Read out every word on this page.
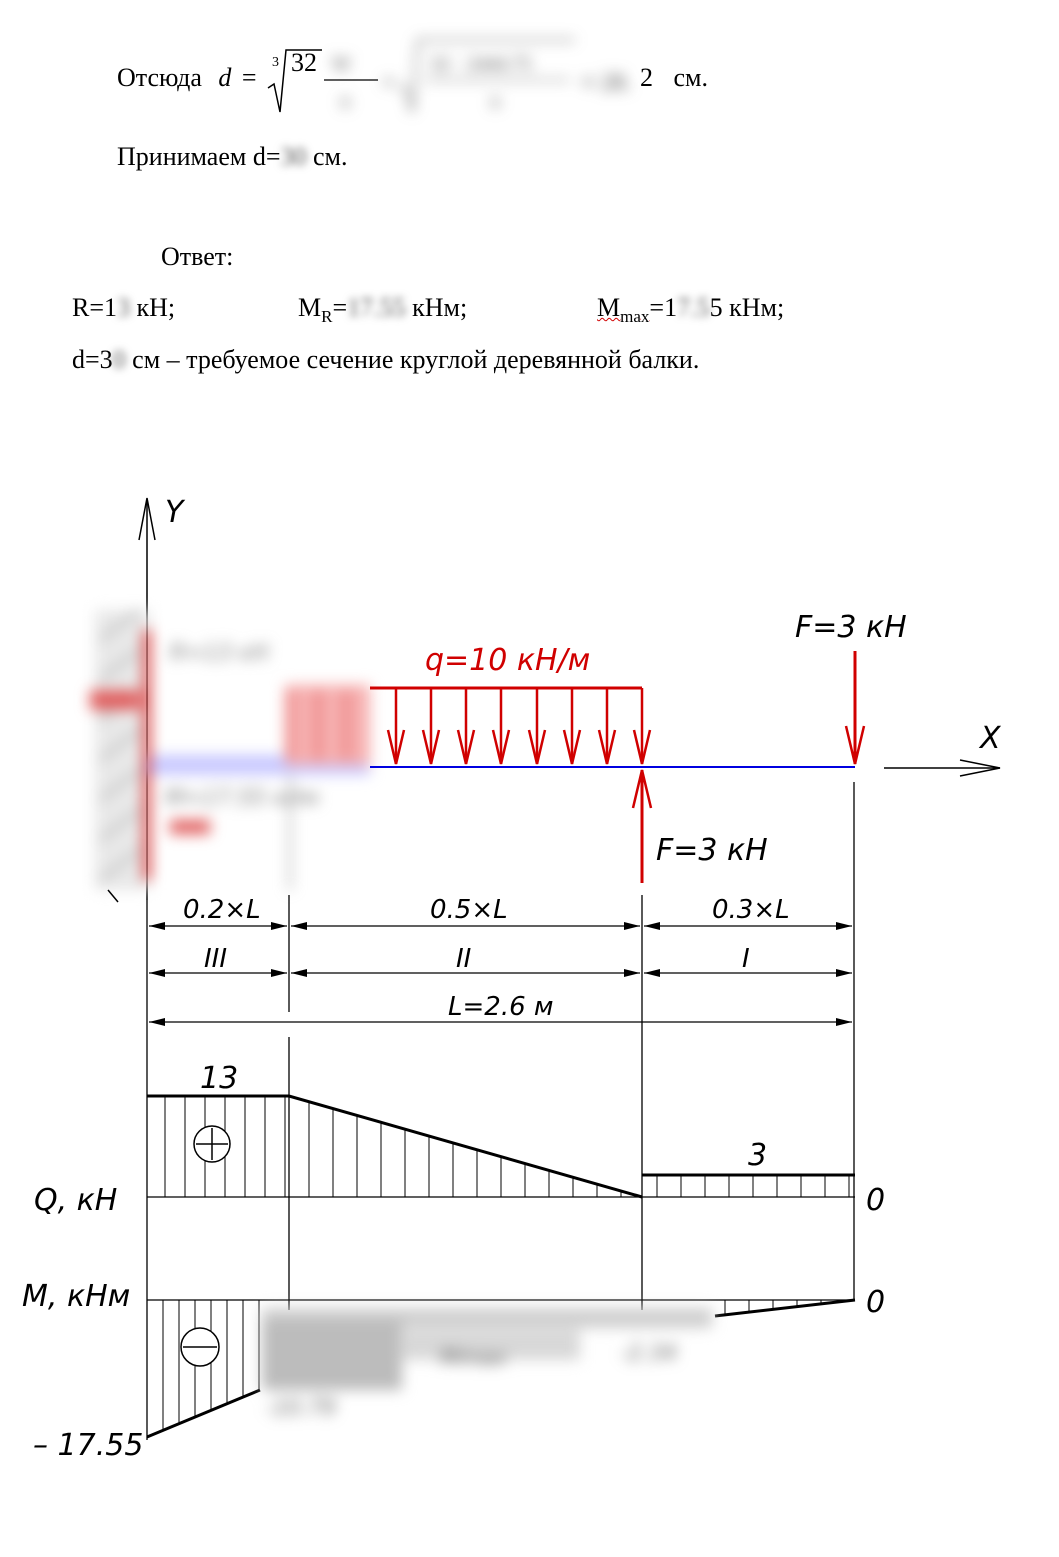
Отсюда d =
32
3
2 см.
Принимаем d=30 см.
Ответ:
R=13 кН;	$M_R=17.55$ кНм;	$M_{max}=17.55$ кНм;
d=30 см – требуемое сечение круглой деревянной балки.
W
π
=
32 · 2444.75
π
≈ 28.
Y
X
R=13 кН
M=17.55 кНм
q=10 кН/м
F=3 кН
F=3 кН
0.2×L	0.5×L	0.3×L
III	II	I
L=2.6 м
13
3
0
Q, кН
Mmax	-2.34
-10.79
– 17.55
0
M, кНм
